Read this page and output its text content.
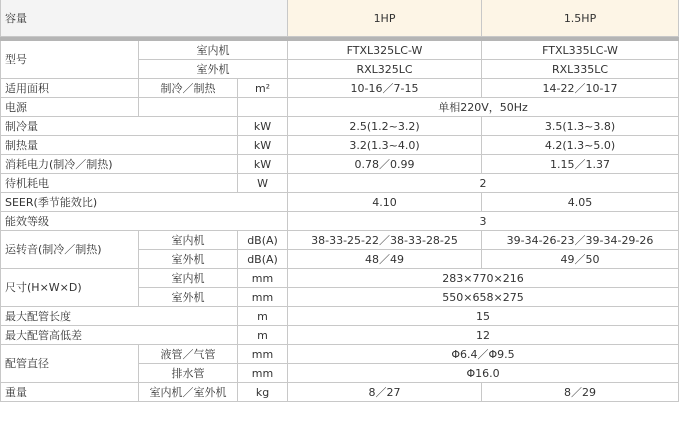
容量			1HP	1.5HP

型号	室内机		FTXL325LC-W	FTXL335LC-W
	室外机		RXL325LC	RXL335LC
适用面积	制冷／制热	m²	10-16／7-15	14-22／10-17
电源			单相220V，50Hz	
制冷量		kW	2.5(1.2~3.2)	3.5(1.3~3.8)
制热量		kW	3.2(1.3~4.0)	4.2(1.3~5.0)
消耗电力(制冷／制热)		kW	0.78／0.99	1.15／1.37
待机耗电		W	2	
SEER(季节能效比)			4.10	4.05
能效等级			3	
运转音(制冷／制热)	室内机	dB(A)	38-33-25-22／38-33-28-25	39-34-26-23／39-34-29-26
	室外机	dB(A)	48／49	49／50
尺寸(H×W×D)	室内机	mm	283×770×216	
	室外机	mm	550×658×275	
最大配管长度		m	15	
最大配管高低差		m	12	
配管直径	液管／气管	mm	Φ6.4／Φ9.5	
	排水管	mm	Φ16.0	
重量	室内机／室外机	kg	8／27	8／29
